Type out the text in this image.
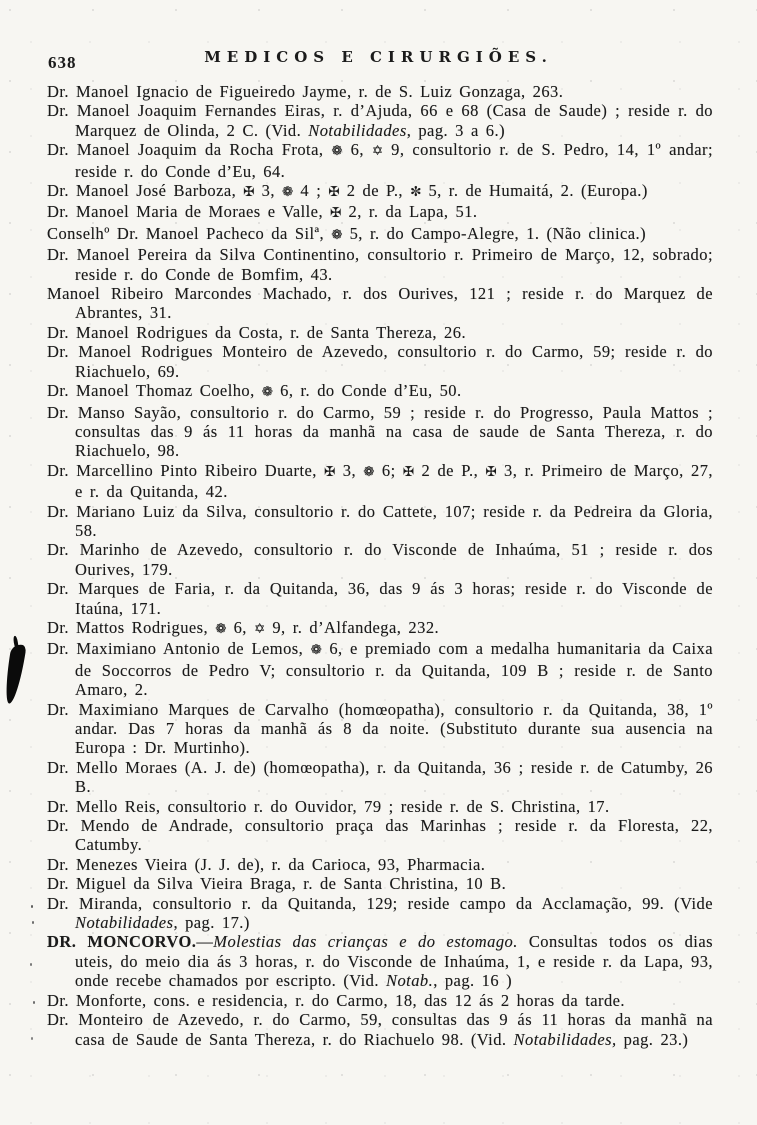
638	MEDICOS E CIRURGIÕES.

Dr. Manoel Ignacio de Figueiredo Jayme, r. de S. Luiz Gonzaga, 263.

Dr. Manoel Joaquim Fernandes Eiras, r. d’Ajuda, 66 e 68 (Casa de Saude) ; reside r. do Marquez de Olinda, 2 C. (Vid. Notabilidades, pag. 3 a 6.)

Dr. Manoel Joaquim da Rocha Frota, ❁ 6, ✡ 9, consultorio r. de S. Pedro, 14, 1º andar; reside r. do Conde d’Eu, 64.

Dr. Manoel José Barboza, ✠ 3, ❁ 4 ; ✠ 2 de P., ✼ 5, r. de Humaitá, 2. (Europa.)

Dr. Manoel Maria de Moraes e Valle, ✠ 2, r. da Lapa, 51.

Conselhº Dr. Manoel Pacheco da Silª, ❁ 5, r. do Campo-Alegre, 1. (Não clinica.)

Dr. Manoel Pereira da Silva Continentino, consultorio r. Primeiro de Março, 12, sobrado; reside r. do Conde de Bomfim, 43.

Manoel Ribeiro Marcondes Machado, r. dos Ourives, 121 ; reside r. do Marquez de Abrantes, 31.

Dr. Manoel Rodrigues da Costa, r. de Santa Thereza, 26.

Dr. Manoel Rodrigues Monteiro de Azevedo, consultorio r. do Carmo, 59; reside r. do Riachuelo, 69.

Dr. Manoel Thomaz Coelho, ❁ 6, r. do Conde d’Eu, 50.

Dr. Manso Sayão, consultorio r. do Carmo, 59 ; reside r. do Progresso, Paula Mattos ; consultas das 9 ás 11 horas da manhã na casa de saude de Santa Thereza, r. do Riachuelo, 98.

Dr. Marcellino Pinto Ribeiro Duarte, ✠ 3, ❁ 6; ✠ 2 de P., ✠ 3, r. Primeiro de Março, 27, e r. da Quitanda, 42.

Dr. Mariano Luiz da Silva, consultorio r. do Cattete, 107; reside r. da Pedreira da Gloria, 58.

Dr. Marinho de Azevedo, consultorio r. do Visconde de Inhaúma, 51 ; reside r. dos Ourives, 179.

Dr. Marques de Faria, r. da Quitanda, 36, das 9 ás 3 horas; reside r. do Visconde de Itaúna, 171.

Dr. Mattos Rodrigues, ❁ 6, ✡ 9, r. d’Alfandega, 232.

Dr. Maximiano Antonio de Lemos, ❁ 6, e premiado com a medalha humanitaria da Caixa de Soccorros de Pedro V; consultorio r. da Quitanda, 109 B ; reside r. de Santo Amaro, 2.

Dr. Maximiano Marques de Carvalho (homœopatha), consultorio r. da Quitanda, 38, 1º andar. Das 7 horas da manhã ás 8 da noite. (Substituto durante sua ausencia na Europa : Dr. Murtinho).

Dr. Mello Moraes (A. J. de) (homœopatha), r. da Quitanda, 36 ; reside r. de Catumby, 26 B.

Dr. Mello Reis, consultorio r. do Ouvidor, 79 ; reside r. de S. Christina, 17.

Dr. Mendo de Andrade, consultorio praça das Marinhas ; reside r. da Floresta, 22, Catumby.

Dr. Menezes Vieira (J. J. de), r. da Carioca, 93, Pharmacia.

Dr. Miguel da Silva Vieira Braga, r. de Santa Christina, 10 B.

Dr. Miranda, consultorio r. da Quitanda, 129; reside campo da Acclamação, 99. (Vide Notabilidades, pag. 17.)

DR. MONCORVO.—Molestias das crianças e do estomago. Consultas todos os dias uteis, do meio dia ás 3 horas, r. do Visconde de Inhaúma, 1, e reside r. da Lapa, 93, onde recebe chamados por escripto. (Vid. Notab., pag. 16 )

Dr. Monforte, cons. e residencia, r. do Carmo, 18, das 12 ás 2 horas da tarde.

Dr. Monteiro de Azevedo, r. do Carmo, 59, consultas das 9 ás 11 horas da manhã na casa de Saude de Santa Thereza, r. do Riachuelo 98. (Vid. Notabilidades, pag. 23.)
